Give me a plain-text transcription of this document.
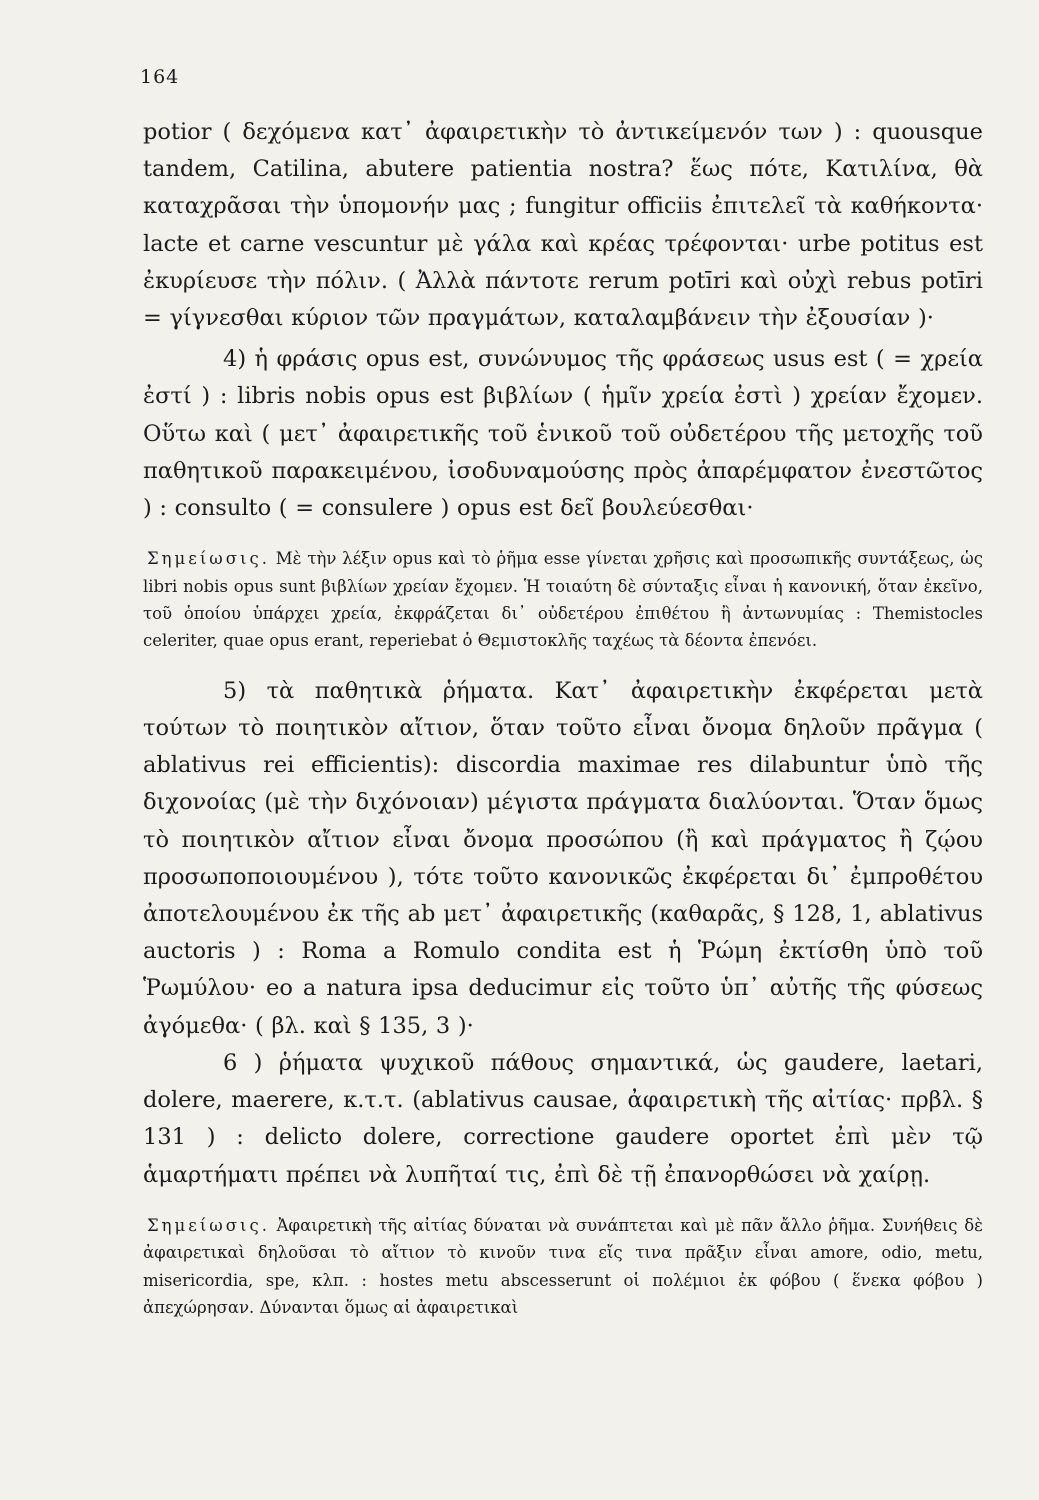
164

potior ( δεχόμενα κατ᾽ ἀφαιρετικὴν τὸ ἀντικείμενόν των ) : quousque tandem, Catilina, abutere patientia nostra? ἕως πότε, Κατιλίνα, θὰ καταχρᾶσαι τὴν ὑπομονήν μας ; fungitur officiis ἐπιτελεῖ τὰ καθήκοντα· lacte et carne vescuntur μὲ γάλα καὶ κρέας τρέφονται· urbe potitus est ἐκυρίευσε τὴν πόλιν. ( Ἀλλὰ πάντοτε rerum potīri καὶ οὐχὶ rebus potīri = γίγνεσθαι κύριον τῶν πραγμάτων, καταλαμβάνειν τὴν ἐξουσίαν )·

4) ἡ φράσις opus est, συνώνυμος τῆς φράσεως usus est ( = χρεία ἐστί ) : libris nobis opus est βιβλίων ( ἡμῖν χρεία ἐστὶ ) χρείαν ἔχομεν. Οὕτω καὶ ( μετ᾽ ἀφαιρετικῆς τοῦ ἑνικοῦ τοῦ οὐδετέρου τῆς μετοχῆς τοῦ παθητικοῦ παρακειμένου, ἰσοδυναμούσης πρὸς ἀπαρέμφατον ἐνεστῶτος ) : consulto ( = consulere ) opus est δεῖ βουλεύεσθαι·

Σημείωσις. Μὲ τὴν λέξιν opus καὶ τὸ ῥῆμα esse γίνεται χρῆσις καὶ προσωπικῆς συντάξεως, ὡς libri nobis opus sunt βιβλίων χρείαν ἔχομεν. Ἡ τοιαύτη δὲ σύνταξις εἶναι ἡ κανονική, ὅταν ἐκεῖνο, τοῦ ὁποίου ὑπάρχει χρεία, ἐκφράζεται δι᾽ οὐδετέρου ἐπιθέτου ἢ ἀντωνυμίας : Themistocles celeriter, quae opus erant, reperiebat ὁ Θεμιστοκλῆς ταχέως τὰ δέοντα ἐπενόει.

5) τὰ παθητικὰ ῥήματα. Κατ᾽ ἀφαιρετικὴν ἐκφέρεται μετὰ τούτων τὸ ποιητικὸν αἴτιον, ὅταν τοῦτο εἶναι ὄνομα δηλοῦν πρᾶγμα ( ablativus rei efficientis): discordia maximae res dilabuntur ὑπὸ τῆς διχονοίας (μὲ τὴν διχόνοιαν) μέγιστα πράγματα διαλύονται. Ὅταν ὅμως τὸ ποιητικὸν αἴτιον εἶναι ὄνομα προσώπου (ἢ καὶ πράγματος ἢ ζῴου προσωποποιουμένου ), τότε τοῦτο κανονικῶς ἐκφέρεται δι᾽ ἐμπροθέτου ἀποτελουμένου ἐκ τῆς ab μετ᾽ ἀφαιρετικῆς (καθαρᾶς, § 128, 1, ablativus auctoris ) : Roma a Romulo condita est ἡ Ῥώμη ἐκτίσθη ὑπὸ τοῦ Ῥωμύλου· eo a natura ipsa deducimur εἰς τοῦτο ὑπ᾽ αὐτῆς τῆς φύσεως ἀγόμεθα· ( βλ. καὶ § 135, 3 )·

6 ) ῥήματα ψυχικοῦ πάθους σημαντικά, ὡς gaudere, laetari, dolere, maerere, κ.τ.τ. (ablativus causae, ἀφαιρετικὴ τῆς αἰτίας· πρβλ. § 131 ) : delicto dolere, correctione gaudere oportet ἐπὶ μὲν τῷ ἁμαρτήματι πρέπει νὰ λυπῆταί τις, ἐπὶ δὲ τῇ ἐπανορθώσει νὰ χαίρῃ.

Σημείωσις. Ἀφαιρετικὴ τῆς αἰτίας δύναται νὰ συνάπτεται καὶ μὲ πᾶν ἄλλο ῥῆμα. Συνήθεις δὲ ἀφαιρετικαὶ δηλοῦσαι τὸ αἴτιον τὸ κινοῦν τινα εἴς τινα πρᾶξιν εἶναι amore, odio, metu, misericordia, spe, κλπ. : hostes metu abscesserunt οἱ πολέμιοι ἐκ φόβου ( ἕνεκα φόβου ) ἀπεχώρησαν. Δύνανται ὅμως αἱ ἀφαιρετικαὶ
